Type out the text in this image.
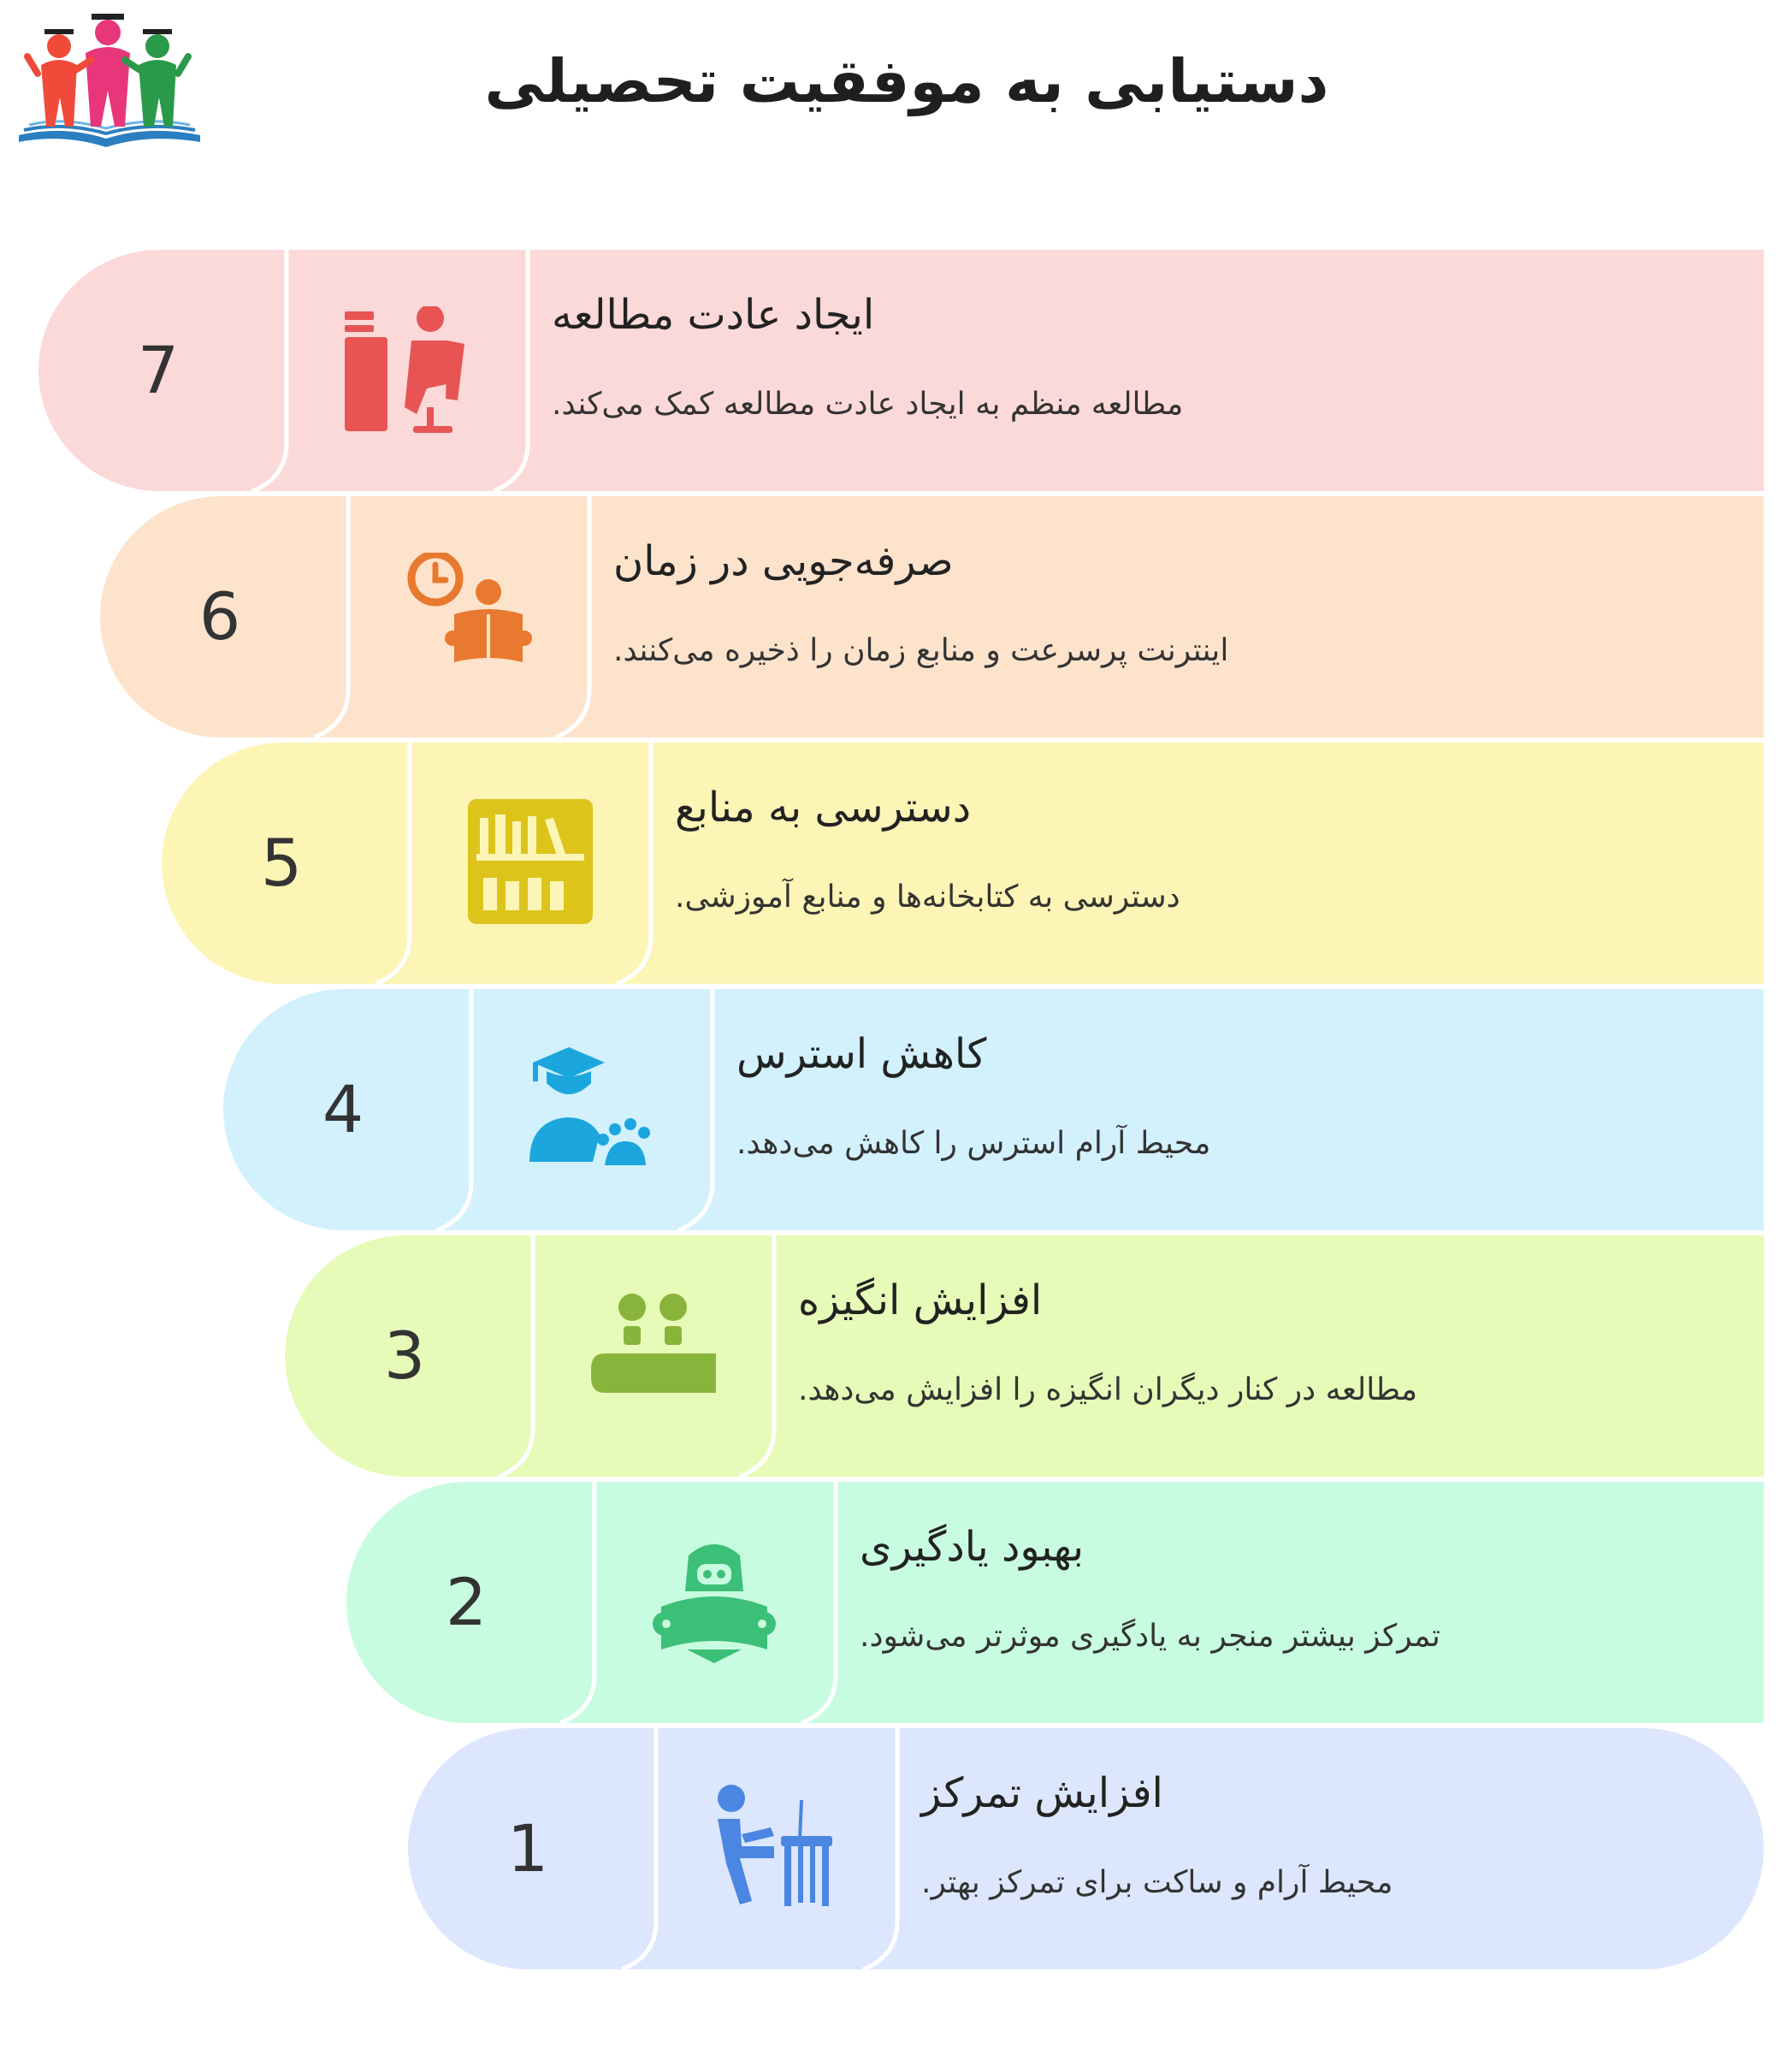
دستیابی به موفقیت تحصیلی
7
ایجاد عادت مطالعه
مطالعه منظم به ایجاد عادت مطالعه کمک می‌کند.
6
صرفه‌جویی در زمان
اینترنت پرسرعت و منابع زمان را ذخیره می‌کنند.
5
دسترسی به منابع
دسترسی به کتابخانه‌ها و منابع آموزشی.
4
کاهش استرس
محیط آرام استرس را کاهش می‌دهد.
3
افزایش انگیزه
مطالعه در کنار دیگران انگیزه را افزایش می‌دهد.
2
بهبود یادگیری
تمرکز بیشتر منجر به یادگیری موثرتر می‌شود.
1
افزایش تمرکز
محیط آرام و ساکت برای تمرکز بهتر.
